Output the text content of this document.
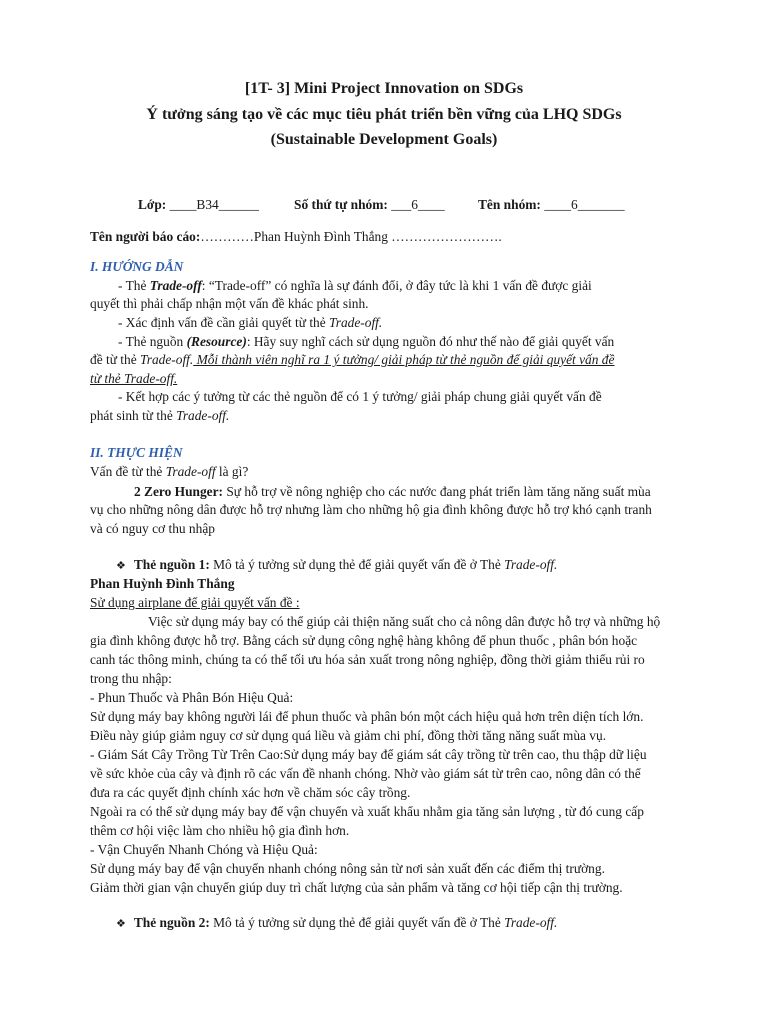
[1T- 3] Mini Project Innovation on SDGs
Ý tưởng sáng tạo về các mục tiêu phát triển bền vững của LHQ SDGs
(Sustainable Development Goals)
Lớp: ____B34______	Số thứ tự nhóm: ___6____ Tên nhóm: ____6_______
Tên người báo cáo:…………Phan Huỳnh Đình Thắng …………………….
I. HƯỚNG DẪN
- Thẻ Trade-off: “Trade-off” có nghĩa là sự đánh đổi, ở đây tức là khi 1 vấn đề được giải
quyết thì phải chấp nhận một vấn đề khác phát sinh.
- Xác định vấn đề cần giải quyết từ thẻ Trade-off.
- Thẻ nguồn (Resource): Hãy suy nghĩ cách sử dụng nguồn đó như thế nào để giải quyết vấn
đề từ thẻ Trade-off. Mỗi thành viên nghĩ ra 1 ý tưởng/ giải pháp từ thẻ nguồn để giải quyết vấn đề
từ thẻ Trade-off.
- Kết hợp các ý tưởng từ các thẻ nguồn để có 1 ý tưởng/ giải pháp chung giải quyết vấn đề
phát sinh từ thẻ Trade-off.
II. THỰC HIỆN
Vấn đề từ thẻ Trade-off là gì?
2 Zero Hunger: Sự hỗ trợ về nông nghiệp cho các nước đang phát triển làm tăng năng suất mùa
vụ cho những nông dân được hỗ trợ nhưng làm cho những hộ gia đình không được hỗ trợ khó cạnh tranh
và có nguy cơ thu nhập
❖ Thẻ nguồn 1: Mô tả ý tưởng sử dụng thẻ để giải quyết vấn đề ở Thẻ Trade-off.
Phan Huỳnh Đình Thắng
Sử dụng airplane để giải quyết vấn đề :
Việc sử dụng máy bay có thể giúp cải thiện năng suất cho cả nông dân được hỗ trợ và những hộ
gia đình không được hỗ trợ. Bằng cách sử dụng công nghệ hàng không để phun thuốc , phân bón hoặc
canh tác thông minh, chúng ta có thể tối ưu hóa sản xuất trong nông nghiệp, đồng thời giảm thiểu rủi ro
trong thu nhập:
- Phun Thuốc và Phân Bón Hiệu Quả:
Sử dụng máy bay không người lái để phun thuốc và phân bón một cách hiệu quả hơn trên diện tích lớn.
Điều này giúp giảm nguy cơ sử dụng quá liều và giảm chi phí, đồng thời tăng năng suất mùa vụ.
- Giám Sát Cây Trồng Từ Trên Cao:Sử dụng máy bay để giám sát cây trồng từ trên cao, thu thập dữ liệu
về sức khỏe của cây và định rõ các vấn đề nhanh chóng. Nhờ vào giám sát từ trên cao, nông dân có thể
đưa ra các quyết định chính xác hơn về chăm sóc cây trồng.
Ngoài ra có thể sử dụng máy bay để vận chuyển và xuất khẩu nhằm gia tăng sản lượng , từ đó cung cấp
thêm cơ hội việc làm cho nhiều hộ gia đình hơn.
- Vận Chuyển Nhanh Chóng và Hiệu Quả:
Sử dụng máy bay để vận chuyển nhanh chóng nông sản từ nơi sản xuất đến các điểm thị trường.
Giảm thời gian vận chuyển giúp duy trì chất lượng của sản phẩm và tăng cơ hội tiếp cận thị trường.
❖ Thẻ nguồn 2: Mô tả ý tưởng sử dụng thẻ để giải quyết vấn đề ở Thẻ Trade-off.
